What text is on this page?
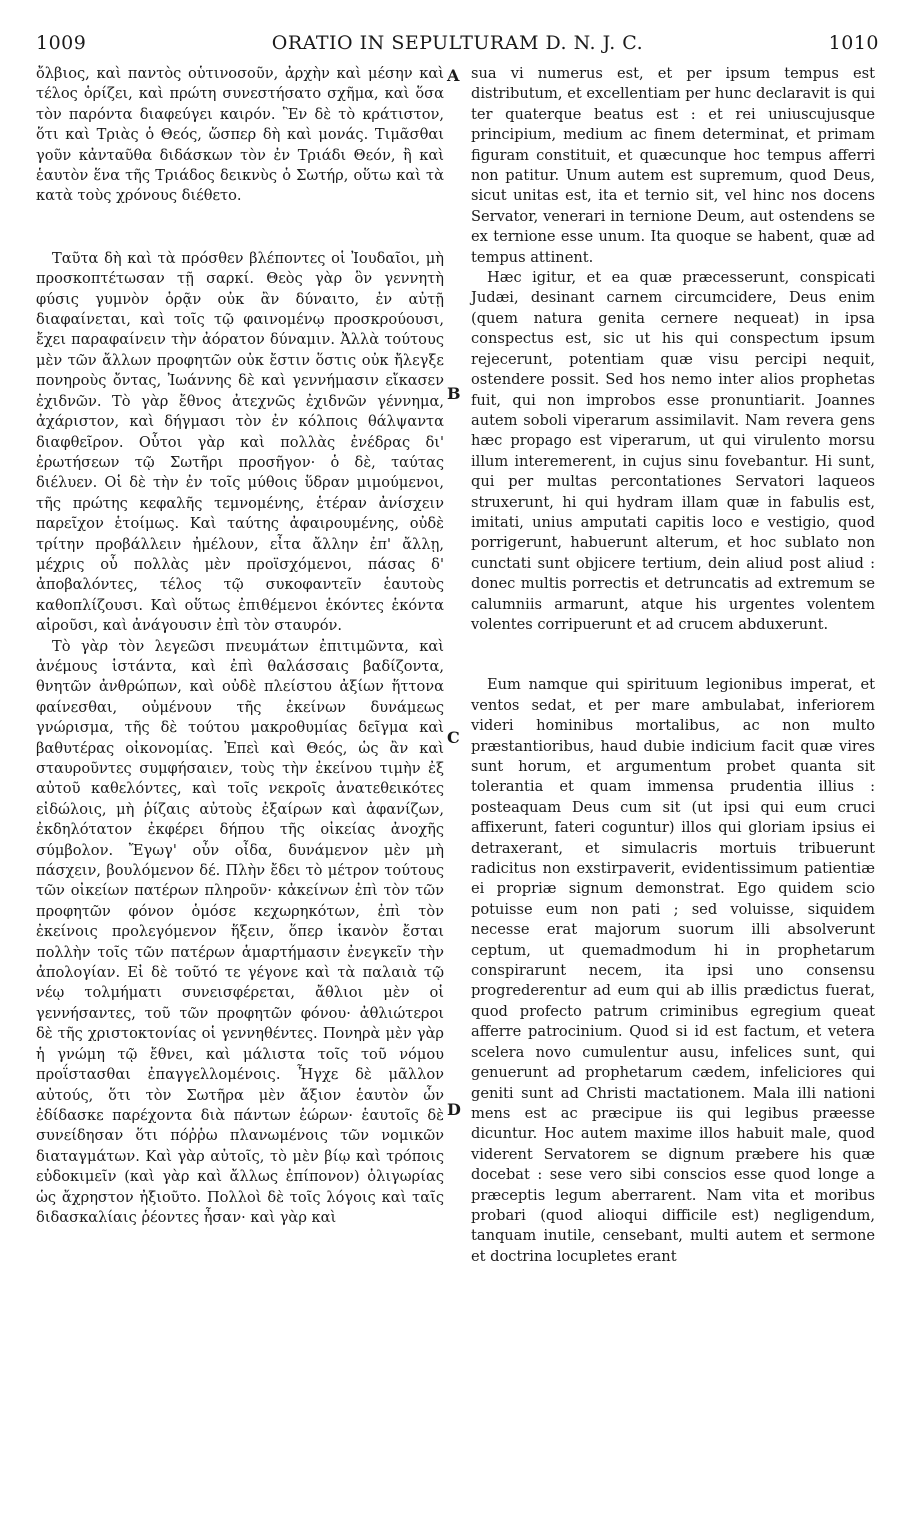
1009	ORATIO IN SEPULTURAM D. N. J. C.	1010

ὄλβιος, καὶ παντὸς οὑτινοσοῦν, ἀρχὴν καὶ μέσην καὶ τέλος ὁρίζει, καὶ πρώτη συνεστήσατο σχῆμα, καὶ ὅσα τὸν παρόντα διαφεύγει καιρόν. Ἓν δὲ τὸ κράτιστον, ὅτι καὶ Τριὰς ὁ Θεός, ὥσπερ δὴ καὶ μονάς. Τιμᾶσθαι γοῦν κἀνταῦθα διδάσκων τὸν ἐν Τριάδι Θεόν, ἢ καὶ ἑαυτὸν ἕνα τῆς Τριάδος δεικνὺς ὁ Σωτήρ, οὕτω καὶ τὰ κατὰ τοὺς χρόνους διέθετο.

Ταῦτα δὴ καὶ τὰ πρόσθεν βλέποντες οἱ Ἰουδαῖοι, μὴ προσκοπτέτωσαν τῇ σαρκί. Θεὸς γὰρ ὃν γεννητὴ φύσις γυμνὸν ὁρᾷν οὐκ ἂν δύναιτο, ἐν αὐτῇ διαφαίνεται, καὶ τοῖς τῷ φαινομένῳ προσκρούουσι, ἔχει παραφαίνειν τὴν ἀόρατον δύναμιν. Ἀλλὰ τούτους μὲν τῶν ἄλλων προφητῶν οὐκ ἔστιν ὅστις οὐκ ἤλεγξε πονηροὺς ὄντας, Ἰωάννης δὲ καὶ γεννήμασιν εἴκασεν ἐχιδνῶν. Τὸ γὰρ ἔθνος ἀτεχνῶς ἐχιδνῶν γέννημα, ἀχάριστον, καὶ δήγμασι τὸν ἐν κόλποις θάλψαντα διαφθεῖρον. Οὗτοι γὰρ καὶ πολλὰς ἐνέδρας δι' ἐρωτήσεων τῷ Σωτῆρι προσῆγον· ὁ δὲ, ταύτας διέλυεν. Οἱ δὲ τὴν ἐν τοῖς μύθοις ὕδραν μιμούμενοι, τῆς πρώτης κεφαλῆς τεμνομένης, ἑτέραν ἀνίσχειν παρεῖχον ἑτοίμως. Καὶ ταύτης ἀφαιρουμένης, οὐδὲ τρίτην προβάλλειν ἠμέλουν, εἶτα ἄλλην ἐπ' ἄλλῃ, μέχρις οὗ πολλὰς μὲν προϊσχόμενοι, πάσας δ' ἀποβαλόντες, τέλος τῷ συκοφαντεῖν ἑαυτοὺς καθοπλίζουσι. Καὶ οὕτως ἐπιθέμενοι ἑκόντες ἑκόντα αἱροῦσι, καὶ ἀνάγουσιν ἐπὶ τὸν σταυρόν.

Τὸ γὰρ τὸν λεγεῶσι πνευμάτων ἐπιτιμῶντα, καὶ ἀνέμους ἱστάντα, καὶ ἐπὶ θαλάσσαις βαδίζοντα, θνητῶν ἀνθρώπων, καὶ οὐδὲ πλείστου ἀξίων ἥττονα φαίνεσθαι, οὐμένουν τῆς ἐκείνων δυνάμεως γνώρισμα, τῆς δὲ τούτου μακροθυμίας δεῖγμα καὶ βαθυτέρας οἰκονομίας. Ἐπεὶ καὶ Θεός, ὡς ἂν καὶ σταυροῦντες συμφήσαιεν, τοὺς τὴν ἐκείνου τιμὴν ἐξ αὐτοῦ καθελόντες, καὶ τοῖς νεκροῖς ἀνατεθεικότες εἰδώλοις, μὴ ῥίζαις αὐτοὺς ἐξαίρων καὶ ἀφανίζων, ἐκδηλότατον ἐκφέρει δήπου τῆς οἰκείας ἀνοχῆς σύμβολον. Ἔγωγ' οὖν οἶδα, δυνάμενον μὲν μὴ πάσχειν, βουλόμενον δέ. Πλὴν ἔδει τὸ μέτρον τούτους τῶν οἰκείων πατέρων πληροῦν· κἀκείνων ἐπὶ τὸν τῶν προφητῶν φόνον ὁμόσε κεχωρηκότων, ἐπὶ τὸν ἐκείνοις προλεγόμενον ἥξειν, ὅπερ ἱκανὸν ἔσται πολλὴν τοῖς τῶν πατέρων ἁμαρτήμασιν ἐνεγκεῖν τὴν ἀπολογίαν. Εἰ δὲ τοῦτό τε γέγονε καὶ τὰ παλαιὰ τῷ νέῳ τολμήματι συνεισφέρεται, ἄθλιοι μὲν οἱ γεννήσαντες, τοῦ τῶν προφητῶν φόνου· ἀθλιώτεροι δὲ τῆς χριστοκτονίας οἱ γεννηθέντες. Πονηρὰ μὲν γὰρ ἡ γνώμη τῷ ἔθνει, καὶ μάλιστα τοῖς τοῦ νόμου προΐστασθαι ἐπαγγελλομένοις. Ἦγχε δὲ μᾶλλον αὐτούς, ὅτι τὸν Σωτῆρα μὲν ἄξιον ἑαυτὸν ὧν ἐδίδασκε παρέχοντα διὰ πάντων ἑώρων· ἑαυτοῖς δὲ συνείδησαν ὅτι πόῤῥω πλανωμένοις τῶν νομικῶν διαταγμάτων. Καὶ γὰρ αὐτοῖς, τὸ μὲν βίῳ καὶ τρόποις εὐδοκιμεῖν (καὶ γὰρ καὶ ἄλλως ἐπίπονον) ὀλιγωρίας ὡς ἄχρηστον ἠξιοῦτο. Πολλοὶ δὲ τοῖς λόγοις καὶ ταῖς διδασκαλίαις ῥέοντες ἦσαν· καὶ γὰρ καὶ

A
B
C
D

sua vi numerus est, et per ipsum tempus est distributum, et excellentiam per hunc declaravit is qui ter quaterque beatus est : et rei uniuscujusque principium, medium ac finem determinat, et primam figuram constituit, et quæcunque hoc tempus afferri non patitur. Unum autem est supremum, quod Deus, sicut unitas est, ita et ternio sit, vel hinc nos docens Servator, venerari in ternione Deum, aut ostendens se ex ternione esse unum. Ita quoque se habent, quæ ad tempus attinent.

Hæc igitur, et ea quæ præcesserunt, conspicati Judæi, desinant carnem circumcidere, Deus enim (quem natura genita cernere nequeat) in ipsa conspectus est, sic ut his qui conspectum ipsum rejecerunt, potentiam quæ visu percipi nequit, ostendere possit. Sed hos nemo inter alios prophetas fuit, qui non improbos esse pronuntiarit. Joannes autem soboli viperarum assimilavit. Nam revera gens hæc propago est viperarum, ut qui virulento morsu illum interemerent, in cujus sinu fovebantur. Hi sunt, qui per multas percontationes Servatori laqueos struxerunt, hi qui hydram illam quæ in fabulis est, imitati, unius amputati capitis loco e vestigio, quod porrigerunt, habuerunt alterum, et hoc sublato non cunctati sunt objicere tertium, dein aliud post aliud : donec multis porrectis et detruncatis ad extremum se calumniis armarunt, atque his urgentes volentem volentes corripuerunt et ad crucem abduxerunt.

Eum namque qui spirituum legionibus imperat, et ventos sedat, et per mare ambulabat, inferiorem videri hominibus mortalibus, ac non multo præstantioribus, haud dubie indicium facit quæ vires sunt horum, et argumentum probet quanta sit tolerantia et quam immensa prudentia illius : posteaquam Deus cum sit (ut ipsi qui eum cruci affixerunt, fateri coguntur) illos qui gloriam ipsius ei detraxerant, et simulacris mortuis tribuerunt radicitus non exstirpaverit, evidentissimum patientiæ ei propriæ signum demonstrat. Ego quidem scio potuisse eum non pati ; sed voluisse, siquidem necesse erat majorum suorum illi absolverunt ceptum, ut quemadmodum hi in prophetarum conspirarunt necem, ita ipsi uno consensu progrederentur ad eum qui ab illis prædictus fuerat, quod profecto patrum criminibus egregium queat afferre patrocinium. Quod si id est factum, et vetera scelera novo cumulentur ausu, infelices sunt, qui genuerunt ad prophetarum cædem, infeliciores qui geniti sunt ad Christi mactationem. Mala illi nationi mens est ac præcipue iis qui legibus præesse dicuntur. Hoc autem maxime illos habuit male, quod viderent Servatorem se dignum præbere his quæ docebat : sese vero sibi conscios esse quod longe a præceptis legum aberrarent. Nam vita et moribus probari (quod alioqui difficile est) negligendum, tanquam inutile, censebant, multi autem et sermone et doctrina locupletes erant
